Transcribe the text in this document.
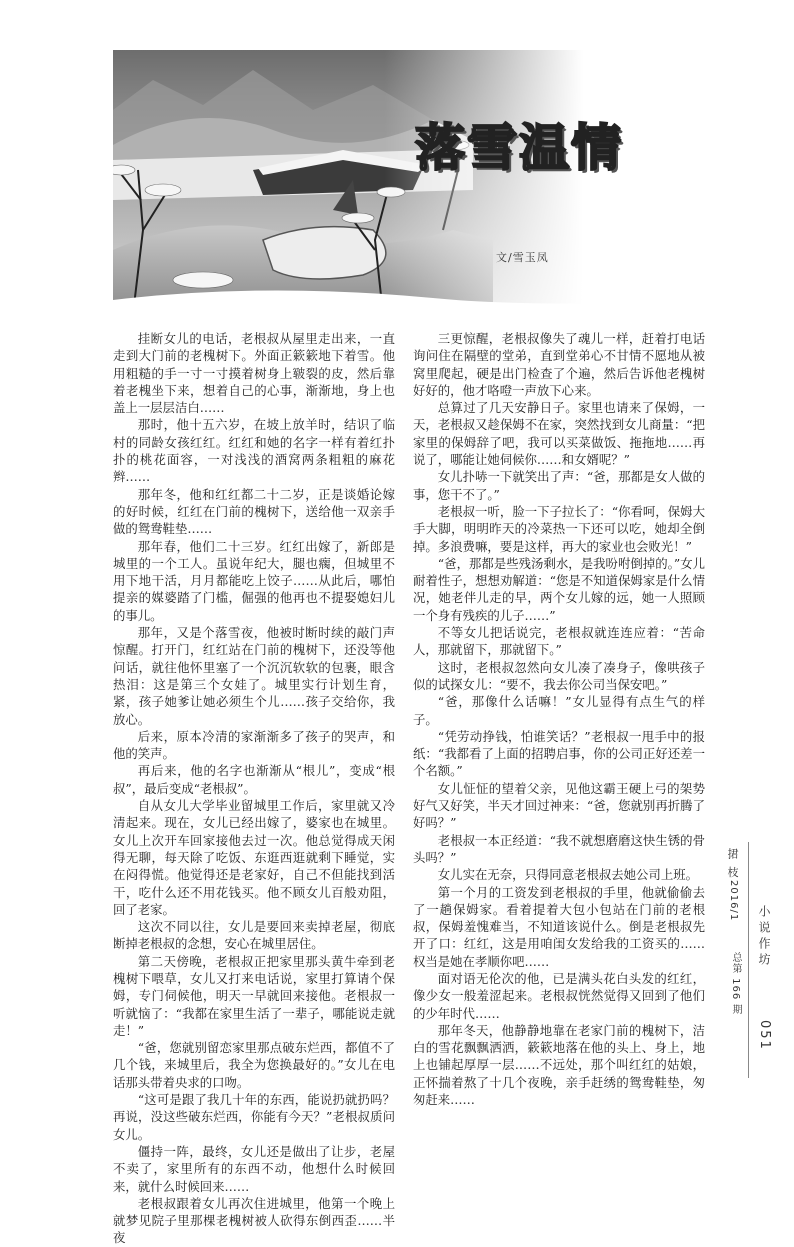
落雪温情
文/雪玉凤

挂断女儿的电话，老根叔从屋里走出来，一直走到大门前的老槐树下。外面正簌簌地下着雪。他用粗糙的手一寸一寸摸着树身上皲裂的皮，然后靠着老槐坐下来，想着自己的心事，渐渐地，身上也盖上一层层洁白……

那时，他十五六岁，在坡上放羊时，结识了临村的同龄女孩红红。红红和她的名字一样有着红扑扑的桃花面容，一对浅浅的酒窝两条粗粗的麻花辫……

那年冬，他和红红都二十二岁，正是谈婚论嫁的好时候，红红在门前的槐树下，送给他一双亲手做的鸳鸯鞋垫……

那年春，他们二十三岁。红红出嫁了，新郎是城里的一个工人。虽说年纪大，腿也瘸，但城里不用下地干活，月月都能吃上饺子……从此后，哪怕提亲的媒婆踏了门槛，倔强的他再也不提娶媳妇儿的事儿。

那年，又是个落雪夜，他被时断时续的敲门声惊醒。打开门，红红站在门前的槐树下，还没等他问话，就往他怀里塞了一个沉沉软软的包裹，眼含热泪：这是第三个女娃了。城里实行计划生育，紧，孩子她爹让她必须生个儿……孩子交给你，我放心。

后来，原本冷清的家渐渐多了孩子的哭声，和他的笑声。

再后来，他的名字也渐渐从“根儿”，变成“根叔”，最后变成“老根叔”。

自从女儿大学毕业留城里工作后，家里就又冷清起来。现在，女儿已经出嫁了，婆家也在城里。女儿上次开车回家接他去过一次。他总觉得成天闲得无聊，每天除了吃饭、东逛西逛就剩下睡觉，实在闷得慌。他觉得还是老家好，自己不但能找到活干，吃什么还不用花钱买。他不顾女儿百般劝阻，回了老家。

这次不同以往，女儿是要回来卖掉老屋，彻底断掉老根叔的念想，安心在城里居住。

第二天傍晚，老根叔正把家里那头黄牛牵到老槐树下喂草，女儿又打来电话说，家里打算请个保姆，专门伺候他，明天一早就回来接他。老根叔一听就恼了：“我都在家里生活了一辈子，哪能说走就走！”

“爸，您就别留恋家里那点破东烂西，都值不了几个钱，来城里后，我全为您换最好的。”女儿在电话那头带着央求的口吻。

“这可是跟了我几十年的东西，能说扔就扔吗？再说，没这些破东烂西，你能有今天？”老根叔质问女儿。

僵持一阵，最终，女儿还是做出了让步，老屋不卖了，家里所有的东西不动，他想什么时候回来，就什么时候回来……

老根叔跟着女儿再次住进城里，他第一个晚上就梦见院子里那棵老槐树被人砍得东倒西歪……半夜

三更惊醒，老根叔像失了魂儿一样，赶着打电话询问住在隔壁的堂弟，直到堂弟心不甘情不愿地从被窝里爬起，硬是出门检查了个遍，然后告诉他老槐树好好的，他才咯噔一声放下心来。

总算过了几天安静日子。家里也请来了保姆，一天，老根叔又趁保姆不在家，突然找到女儿商量：“把家里的保姆辞了吧，我可以买菜做饭、拖拖地……再说了，哪能让她伺候你……和女婿呢？”

女儿扑哧一下就笑出了声：“爸，那都是女人做的事，您干不了。”

老根叔一听，脸一下子拉长了：“你看呵，保姆大手大脚，明明昨天的冷菜热一下还可以吃，她却全倒掉。多浪费嘛，要是这样，再大的家业也会败光！”

“爸，那都是些残汤剩水，是我吩咐倒掉的。”女儿耐着性子，想想劝解道：“您是不知道保姆家是什么情况，她老伴儿走的早，两个女儿嫁的远，她一人照顾一个身有残疾的儿子……”

不等女儿把话说完，老根叔就连连应着：“苦命人，那就留下，那就留下。”

这时，老根叔忽然向女儿凑了凑身子，像哄孩子似的试探女儿：“要不，我去你公司当保安吧。”

“爸，那像什么话嘛！”女儿显得有点生气的样子。

“凭劳动挣钱，怕谁笑话？”老根叔一甩手中的报纸：“我都看了上面的招聘启事，你的公司正好还差一个名额。”

女儿怔怔的望着父亲，见他这霸王硬上弓的架势好气又好笑，半天才回过神来：“爸，您就别再折腾了好吗？”

老根叔一本正经道：“我不就想磨磨这快生锈的骨头吗？”

女儿实在无奈，只得同意老根叔去她公司上班。

第一个月的工资发到老根叔的手里，他就偷偷去了一趟保姆家。看着提着大包小包站在门前的老根叔，保姆羞愧难当，不知道该说什么。倒是老根叔先开了口：红红，这是用咱闺女发给我的工资买的……权当是她在孝顺你吧……

面对语无伦次的他，已是满头花白头发的红红，像少女一般羞涩起来。老根叔恍然觉得又回到了他们的少年时代……

那年冬天，他静静地靠在老家门前的槐树下，洁白的雪花飘飘洒洒，簌簌地落在他的头上、身上，地上也铺起厚厚一层……不远处，那个叫红红的姑娘，正怀揣着熬了十几个夜晚，亲手赶绣的鸳鸯鞋垫，匆匆赶来……

捃 枝
2016/1
总第 166 期
小说作坊
051
